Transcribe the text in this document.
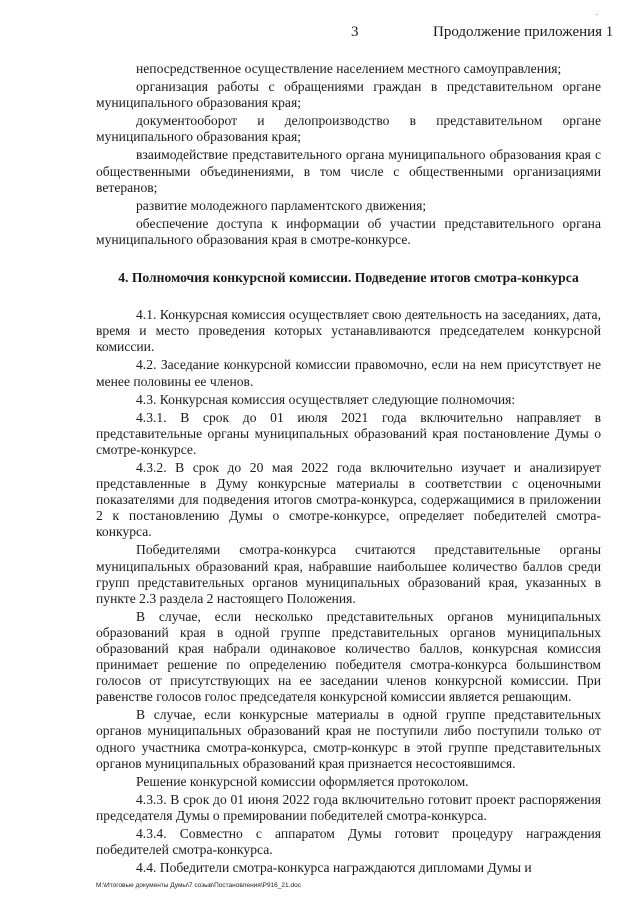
3	Продолжение приложения 1
.

непосредственное осуществление населением местного самоуправления;

организация работы с обращениями граждан в представительном органе муниципального образования края;

документооборот и делопроизводство в представительном органе муниципального образования края;

взаимодействие представительного органа муниципального образования края с общественными объединениями, в том числе с общественными организациями ветеранов;

развитие молодежного парламентского движения;

обеспечение доступа к информации об участии представительного органа муниципального образования края в смотре-конкурсе.

4. Полномочия конкурсной комиссии. Подведение итогов смотра-конкурса

4.1. Конкурсная комиссия осуществляет свою деятельность на заседаниях, дата, время и место проведения которых устанавливаются председателем конкурсной комиссии.

4.2. Заседание конкурсной комиссии правомочно, если на нем присутствует не менее половины ее членов.

4.3. Конкурсная комиссия осуществляет следующие полномочия:

4.3.1. В срок до 01 июля 2021 года включительно направляет в представительные органы муниципальных образований края постановление Думы о смотре-конкурсе.

4.3.2. В срок до 20 мая 2022 года включительно изучает и анализирует представленные в Думу конкурсные материалы в соответствии с оценочными показателями для подведения итогов смотра-конкурса, содержащимися в приложении 2 к постановлению Думы о смотре-конкурсе, определяет победителей смотра-конкурса.

Победителями смотра-конкурса считаются представительные органы муниципальных образований края, набравшие наибольшее количество баллов среди групп представительных органов муниципальных образований края, указанных в пункте 2.3 раздела 2 настоящего Положения.

В случае, если несколько представительных органов муниципальных образований края в одной группе представительных органов муниципальных образований края набрали одинаковое количество баллов, конкурсная комиссия принимает решение по определению победителя смотра-конкурса большинством голосов от присутствующих на ее заседании членов конкурсной комиссии. При равенстве голосов голос председателя конкурсной комиссии является решающим.

В случае, если конкурсные материалы в одной группе представительных органов муниципальных образований края не поступили либо поступили только от одного участника смотра-конкурса, смотр-конкурс в этой группе представительных органов муниципальных образований края признается несостоявшимся.

Решение конкурсной комиссии оформляется протоколом.

4.3.3. В срок до 01 июня 2022 года включительно готовит проект распоряжения председателя Думы о премировании победителей смотра-конкурса.

4.3.4. Совместно с аппаратом Думы готовит процедуру награждения победителей смотра-конкурса.

4.4. Победители смотра-конкурса награждаются дипломами Думы и

M:\Итоговые документы Думы\7 созыв\Постановления\P916_21.doc
